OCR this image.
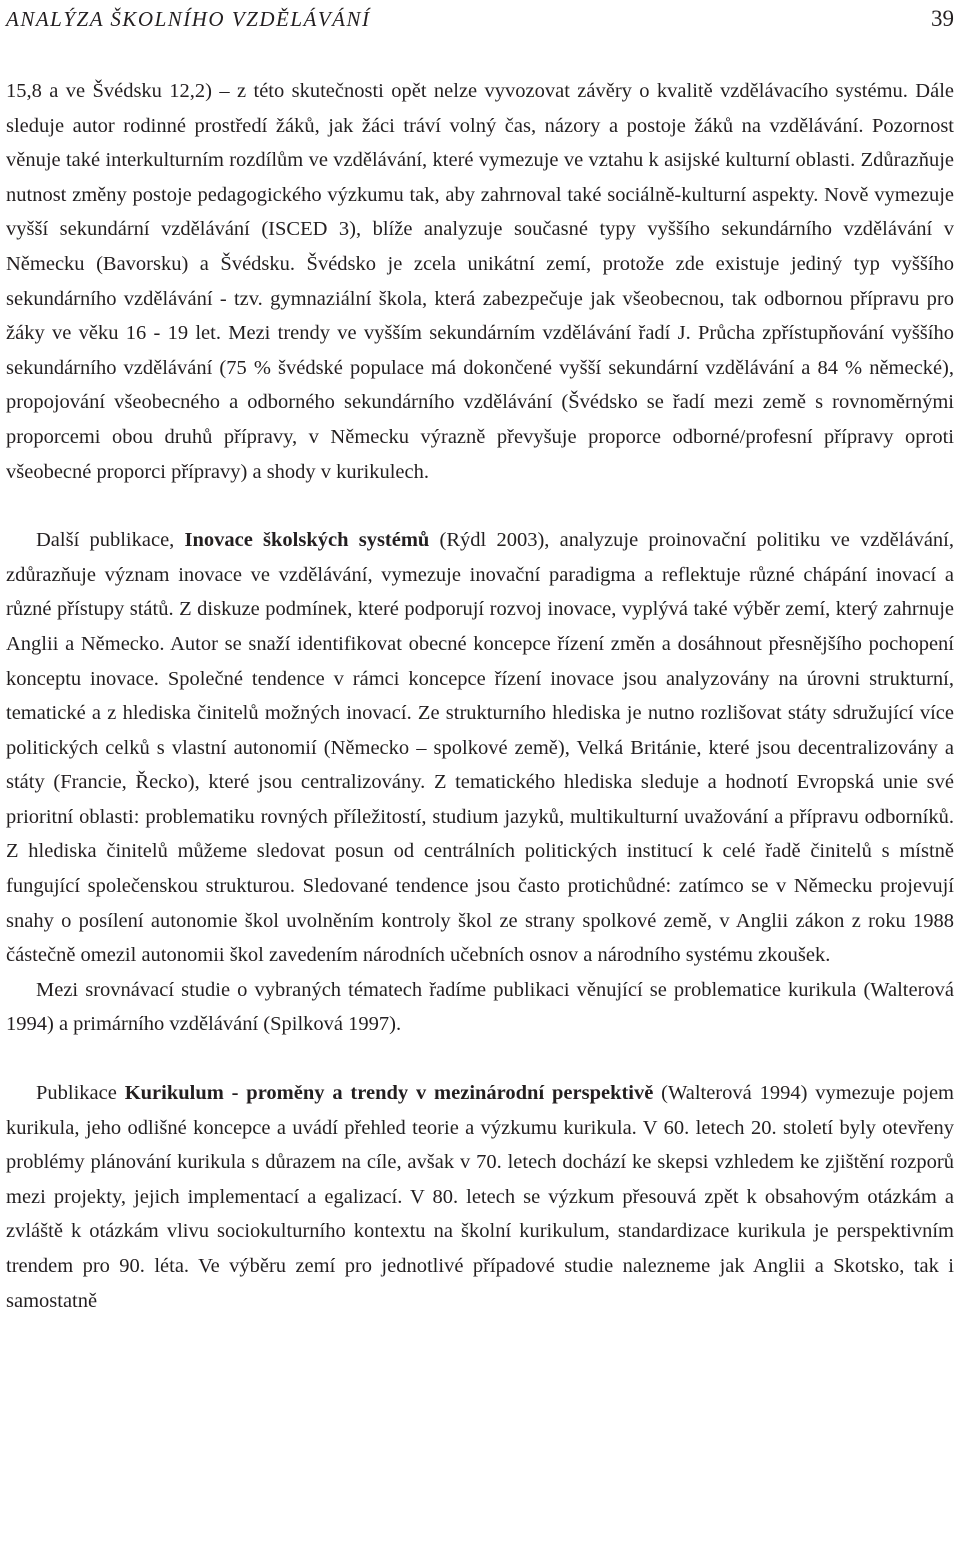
ANALÝZA ŠKOLNÍHO VZDĚLÁVÁNÍ	39

15,8 a ve Švédsku 12,2) – z této skutečnosti opět nelze vyvozovat závěry o kvalitě vzdělávacího systému. Dále sleduje autor rodinné prostředí žáků, jak žáci tráví volný čas, názory a postoje žáků na vzdělávání. Pozornost věnuje také interkulturním rozdílům ve vzdělávání, které vymezuje ve vztahu k asijské kulturní oblasti. Zdůrazňuje nutnost změny postoje pedagogického výzkumu tak, aby zahrnoval také sociálně-kulturní aspekty. Nově vymezuje vyšší sekundární vzdělávání (ISCED 3), blíže analyzuje současné typy vyššího sekundárního vzdělávání v Německu (Bavorsku) a Švédsku. Švédsko je zcela unikátní zemí, protože zde existuje jediný typ vyššího sekundárního vzdělávání - tzv. gymnaziální škola, která zabezpečuje jak všeobecnou, tak odbornou přípravu pro žáky ve věku 16 - 19 let. Mezi trendy ve vyšším sekundárním vzdělávání řadí J. Průcha zpřístupňování vyššího sekundárního vzdělávání (75 % švédské populace má dokončené vyšší sekundární vzdělávání a 84 % německé), propojování všeobecného a odborného sekundárního vzdělávání (Švédsko se řadí mezi země s rovnoměrnými proporcemi obou druhů přípravy, v Německu výrazně převyšuje proporce odborné/profesní přípravy oproti všeobecné proporci přípravy) a shody v kurikulech.

Další publikace, Inovace školských systémů (Rýdl 2003), analyzuje proinovační politiku ve vzdělávání, zdůrazňuje význam inovace ve vzdělávání, vymezuje inovační paradigma a reflektuje různé chápání inovací a různé přístupy států. Z diskuze podmínek, které podporují rozvoj inovace, vyplývá také výběr zemí, který zahrnuje Anglii a Německo. Autor se snaží identifikovat obecné koncepce řízení změn a dosáhnout přesnějšího pochopení konceptu inovace. Společné tendence v rámci koncepce řízení inovace jsou analyzovány na úrovni strukturní, tematické a z hlediska činitelů možných inovací. Ze strukturního hlediska je nutno rozlišovat státy sdružující více politických celků s vlastní autonomií (Německo – spolkové země), Velká Británie, které jsou decentralizovány a státy (Francie, Řecko), které jsou centralizovány. Z tematického hlediska sleduje a hodnotí Evropská unie své prioritní oblasti: problematiku rovných příležitostí, studium jazyků, multikulturní uvažování a přípravu odborníků. Z hlediska činitelů můžeme sledovat posun od centrálních politických institucí k celé řadě činitelů s místně fungující společenskou strukturou. Sledované tendence jsou často protichůdné: zatímco se v Německu projevují snahy o posílení autonomie škol uvolněním kontroly škol ze strany spolkové země, v Anglii zákon z roku 1988 částečně omezil autonomii škol zavedením národních učebních osnov a národního systému zkoušek.

Mezi srovnávací studie o vybraných tématech řadíme publikaci věnující se problematice kurikula (Walterová 1994) a primárního vzdělávání (Spilková 1997).

Publikace Kurikulum - proměny a trendy v mezinárodní perspektivě (Walterová 1994) vymezuje pojem kurikula, jeho odlišné koncepce a uvádí přehled teorie a výzkumu kurikula. V 60. letech 20. století byly otevřeny problémy plánování kurikula s důrazem na cíle, avšak v 70. letech dochází ke skepsi vzhledem ke zjištění rozporů mezi projekty, jejich implementací a egalizací. V 80. letech se výzkum přesouvá zpět k obsahovým otázkám a zvláště k otázkám vlivu sociokulturního kontextu na školní kurikulum, standardizace kurikula je perspektivním trendem pro 90. léta. Ve výběru zemí pro jednotlivé případové studie nalezneme jak Anglii a Skotsko, tak i samostatně
